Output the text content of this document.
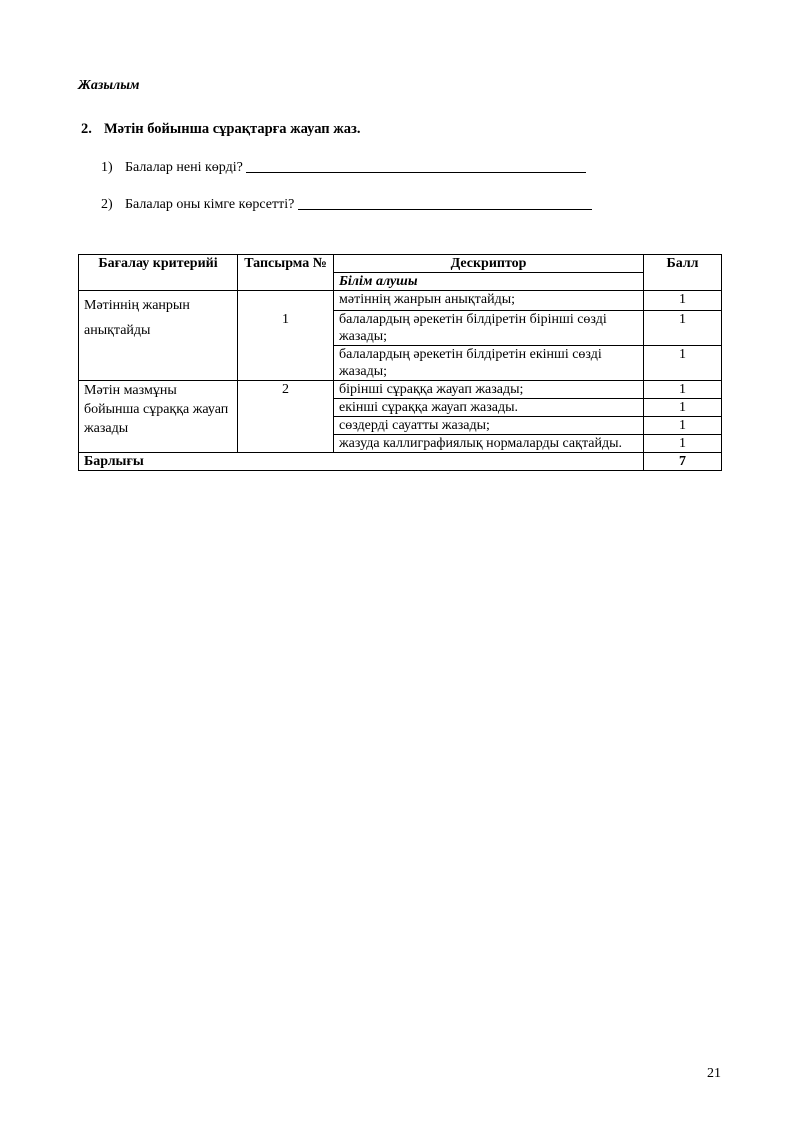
Жазылым
2. Мәтін бойынша сұрақтарға жауап жаз.
1) Балалар нені көрді?
2) Балалар оны кімге көрсетті?
Бағалау критерийі	Тапсырма №	Дескриптор	Балл
		Білім алушы	
Мәтіннің жанрын анықтайды	1	мәтіннің жанрын анықтайды;	1
		балалардың әрекетін білдіретін бірінші сөзді жазады;	1
		балалардың әрекетін білдіретін екінші сөзді жазады;	1
Мәтін мазмұны бойынша сұраққа жауап жазады	2	бірінші сұраққа жауап жазады;	1
		екінші сұраққа жауап жазады.	1
		сөздерді сауатты жазады;	1
		жазуда каллиграфиялық нормаларды сақтайды.	1
Барлығы			7
21
